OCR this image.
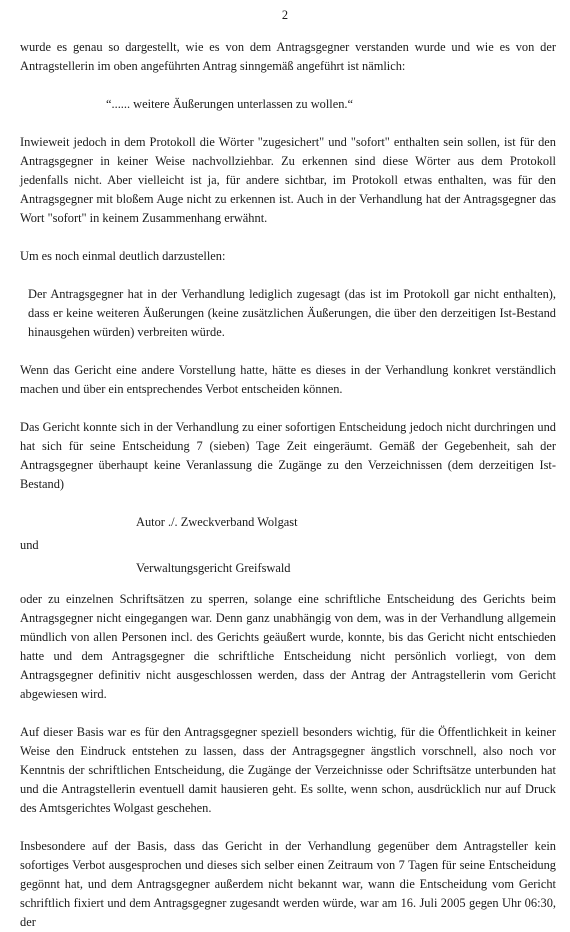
2

wurde es genau so dargestellt, wie es von dem Antragsgegner verstanden wurde und wie es von der Antragstellerin im oben angeführten Antrag sinngemäß angeführt ist nämlich:

“...... weitere Äußerungen unterlassen zu wollen.“

Inwieweit jedoch in dem Protokoll die Wörter "zugesichert" und "sofort" enthalten sein sollen, ist für den Antragsgegner in keiner Weise nachvollziehbar. Zu erkennen sind diese Wörter aus dem Protokoll jedenfalls nicht. Aber vielleicht ist ja, für andere sichtbar, im Protokoll etwas enthalten, was für den Antragsgegner mit bloßem Auge nicht zu erkennen ist. Auch in der Verhandlung hat der Antragsgegner das Wort "sofort" in keinem Zusammenhang erwähnt.

Um es noch einmal deutlich darzustellen:

Der Antragsgegner hat in der Verhandlung lediglich zugesagt (das ist im Protokoll gar nicht enthalten), dass er keine weiteren Äußerungen (keine zusätzlichen Äußerungen, die über den derzeitigen Ist-Bestand hinausgehen würden) verbreiten würde.

Wenn das Gericht eine andere Vorstellung hatte, hätte es dieses in der Verhandlung konkret verständlich machen und über ein entsprechendes Verbot entscheiden können.

Das Gericht konnte sich in der Verhandlung zu einer sofortigen Entscheidung jedoch nicht durchringen und hat sich für seine Entscheidung 7 (sieben) Tage Zeit eingeräumt. Gemäß der Gegebenheit, sah der Antragsgegner überhaupt keine Veranlassung die Zugänge zu den Verzeichnissen (dem derzeitigen Ist-Bestand)

Autor ./. Zweckverband Wolgast

und

Verwaltungsgericht Greifswald

oder zu einzelnen Schriftsätzen zu sperren, solange eine schriftliche Entscheidung des Gerichts beim Antragsgegner nicht eingegangen war. Denn ganz unabhängig von dem, was in der Verhandlung allgemein mündlich von allen Personen incl. des Gerichts geäußert wurde, konnte, bis das Gericht nicht entschieden hatte und dem Antragsgegner die schriftliche Entscheidung nicht persönlich vorliegt, von dem Antragsgegner definitiv nicht ausgeschlossen werden, dass der Antrag der Antragstellerin vom Gericht abgewiesen wird.

Auf dieser Basis war es für den Antragsgegner speziell besonders wichtig, für die Öffentlichkeit in keiner Weise den Eindruck entstehen zu lassen, dass der Antragsgegner ängstlich vorschnell, also noch vor Kenntnis der schriftlichen Entscheidung, die Zugänge der Verzeichnisse oder Schriftsätze unterbunden hat und die Antragstellerin eventuell damit hausieren geht. Es sollte, wenn schon, ausdrücklich nur auf Druck des Amtsgerichtes Wolgast geschehen.

Insbesondere auf der Basis, dass das Gericht in der Verhandlung gegenüber dem Antragsteller kein sofortiges Verbot ausgesprochen und dieses sich selber einen Zeitraum von 7 Tagen für seine Entscheidung gegönnt hat, und dem Antragsgegner außerdem nicht bekannt war, wann die Entscheidung vom Gericht schriftlich fixiert und dem Antragsgegner zugesandt werden würde, war am 16. Juli 2005 gegen Uhr 06:30, der
